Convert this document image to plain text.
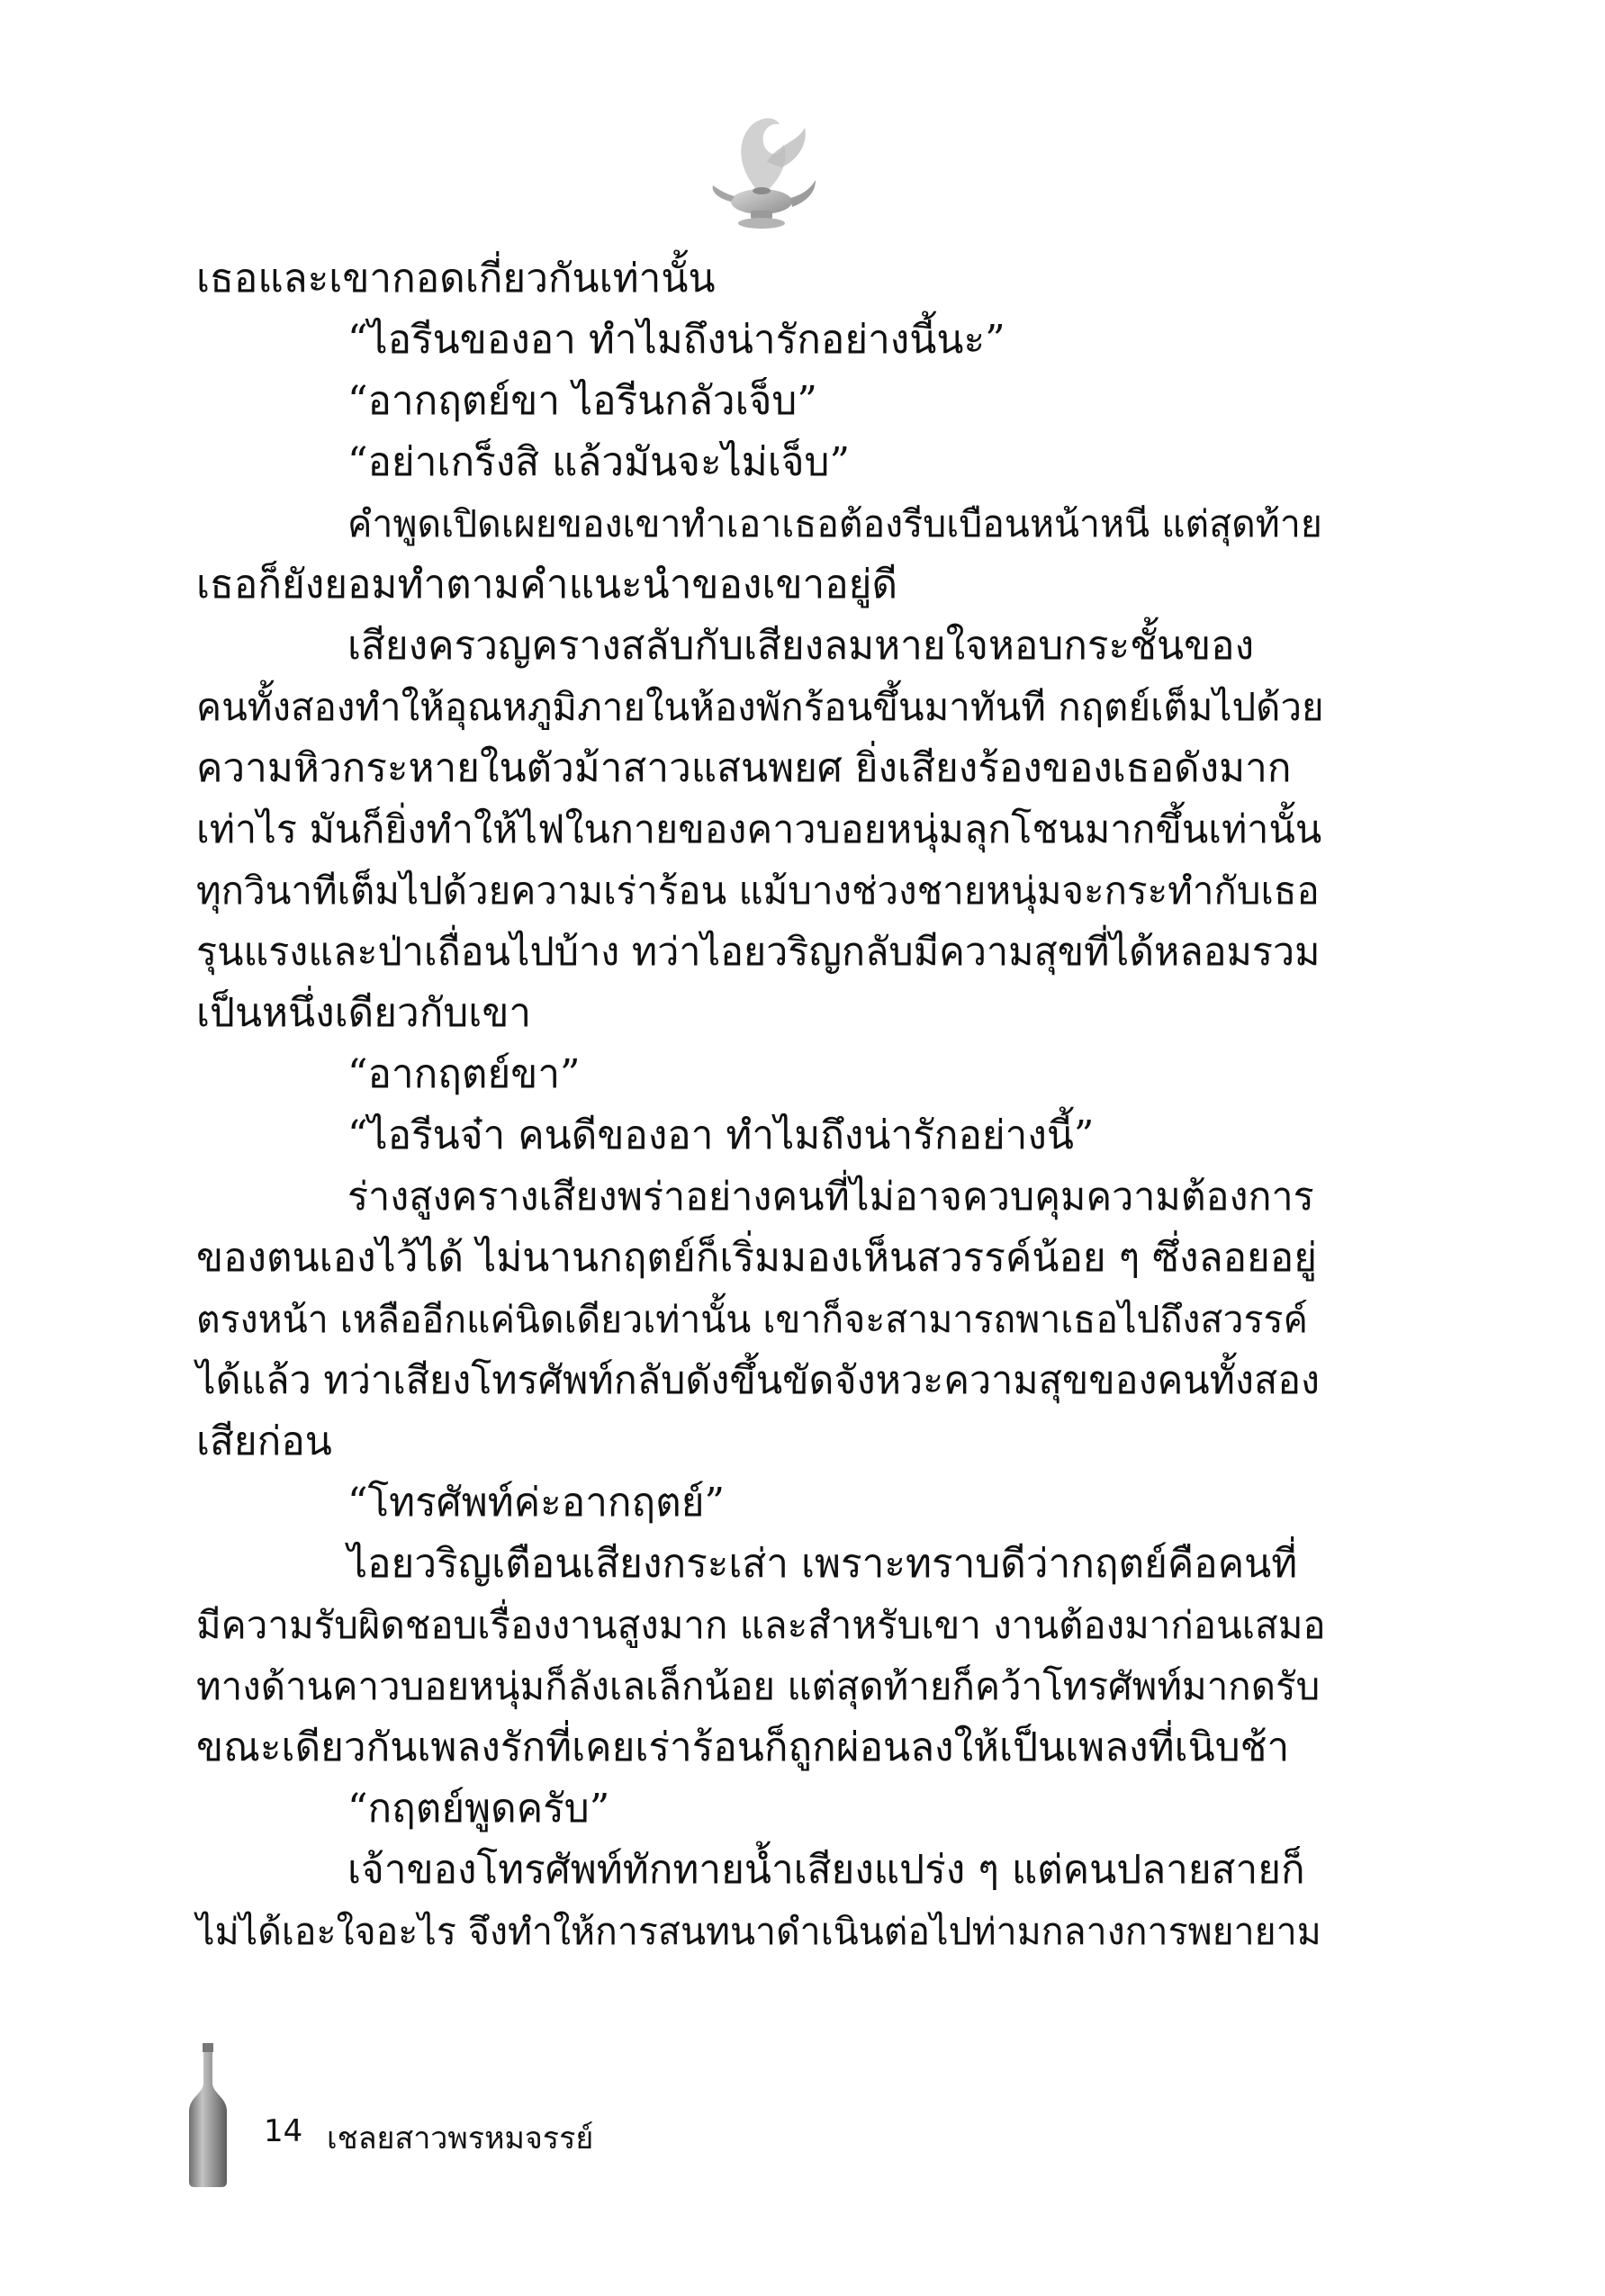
เธอและเขากอดเกี่ยวกันเท่านั้น

“ไอรีนของอา ทำไมถึงน่ารักอย่างนี้นะ”

“อากฤตย์ขา ไอรีนกลัวเจ็บ”

“อย่าเกร็งสิ แล้วมันจะไม่เจ็บ”

คำพูดเปิดเผยของเขาทำเอาเธอต้องรีบเบือนหน้าหนี แต่สุดท้าย

เธอก็ยังยอมทำตามคำแนะนำของเขาอยู่ดี

เสียงครวญครางสลับกับเสียงลมหายใจหอบกระชั้นของ

คนทั้งสองทำให้อุณหภูมิภายในห้องพักร้อนขึ้นมาทันที กฤตย์เต็มไปด้วย

ความหิวกระหายในตัวม้าสาวแสนพยศ ยิ่งเสียงร้องของเธอดังมาก

เท่าไร มันก็ยิ่งทำให้ไฟในกายของคาวบอยหนุ่มลุกโชนมากขึ้นเท่านั้น

ทุกวินาทีเต็มไปด้วยความเร่าร้อน แม้บางช่วงชายหนุ่มจะกระทำกับเธอ

รุนแรงและป่าเถื่อนไปบ้าง ทว่าไอยวริญกลับมีความสุขที่ได้หลอมรวม

เป็นหนึ่งเดียวกับเขา

“อากฤตย์ขา”

“ไอรีนจ๋า คนดีของอา ทำไมถึงน่ารักอย่างนี้”

ร่างสูงครางเสียงพร่าอย่างคนที่ไม่อาจควบคุมความต้องการ

ของตนเองไว้ได้ ไม่นานกฤตย์ก็เริ่มมองเห็นสวรรค์น้อย ๆ ซึ่งลอยอยู่

ตรงหน้า เหลืออีกแค่นิดเดียวเท่านั้น เขาก็จะสามารถพาเธอไปถึงสวรรค์

ได้แล้ว ทว่าเสียงโทรศัพท์กลับดังขึ้นขัดจังหวะความสุขของคนทั้งสอง

เสียก่อน

“โทรศัพท์ค่ะอากฤตย์”

ไอยวริญเตือนเสียงกระเส่า เพราะทราบดีว่ากฤตย์คือคนที่

มีความรับผิดชอบเรื่องงานสูงมาก และสำหรับเขา งานต้องมาก่อนเสมอ

ทางด้านคาวบอยหนุ่มก็ลังเลเล็กน้อย แต่สุดท้ายก็คว้าโทรศัพท์มากดรับ

ขณะเดียวกันเพลงรักที่เคยเร่าร้อนก็ถูกผ่อนลงให้เป็นเพลงที่เนิบช้า

“กฤตย์พูดครับ”

เจ้าของโทรศัพท์ทักทายน้ำเสียงแปร่ง ๆ แต่คนปลายสายก็

ไม่ได้เอะใจอะไร จึงทำให้การสนทนาดำเนินต่อไปท่ามกลางการพยายาม

14 เชลยสาวพรหมจรรย์
